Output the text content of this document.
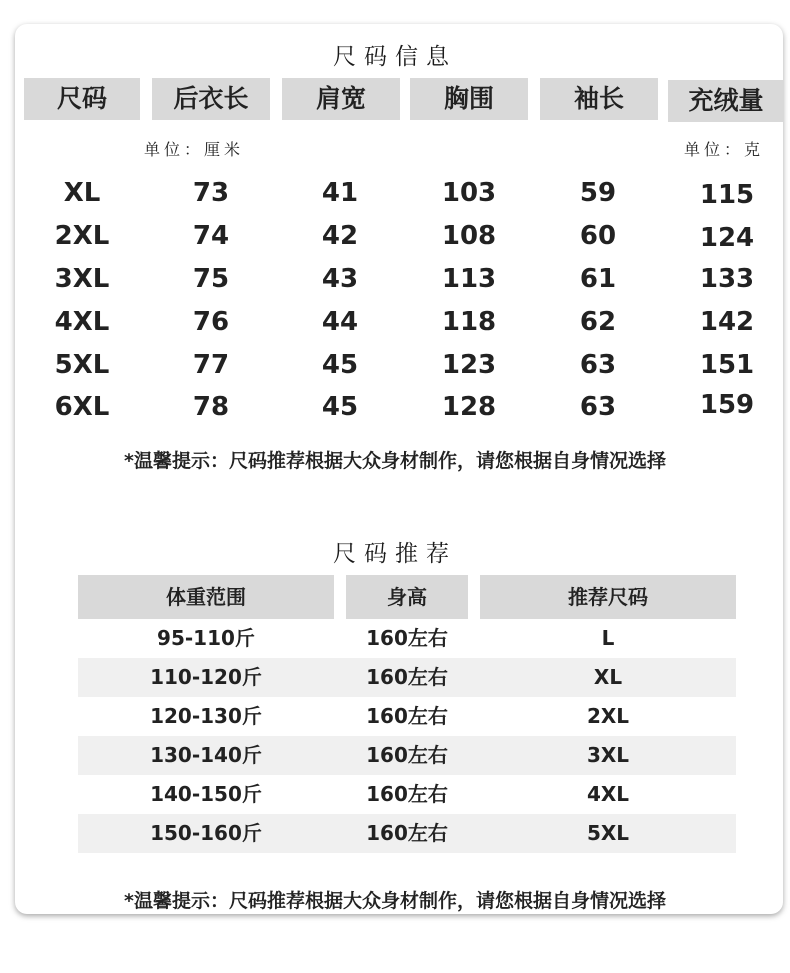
尺码信息
尺码	后衣长	肩宽	胸围	袖长	充绒量
单位：厘米	单位：克
XL	73	41	103	59	115
2XL	74	42	108	60	124
3XL	75	43	113	61	133
4XL	76	44	118	62	142
5XL	77	45	123	63	151
6XL	78	45	128	63	159
*温馨提示：尺码推荐根据大众身材制作，请您根据自身情况选择
尺码推荐
体重范围	身高	推荐尺码
95-110斤	160左右	L
110-120斤	160左右	XL
120-130斤	160左右	2XL
130-140斤	160左右	3XL
140-150斤	160左右	4XL
150-160斤	160左右	5XL
*温馨提示：尺码推荐根据大众身材制作，请您根据自身情况选择
